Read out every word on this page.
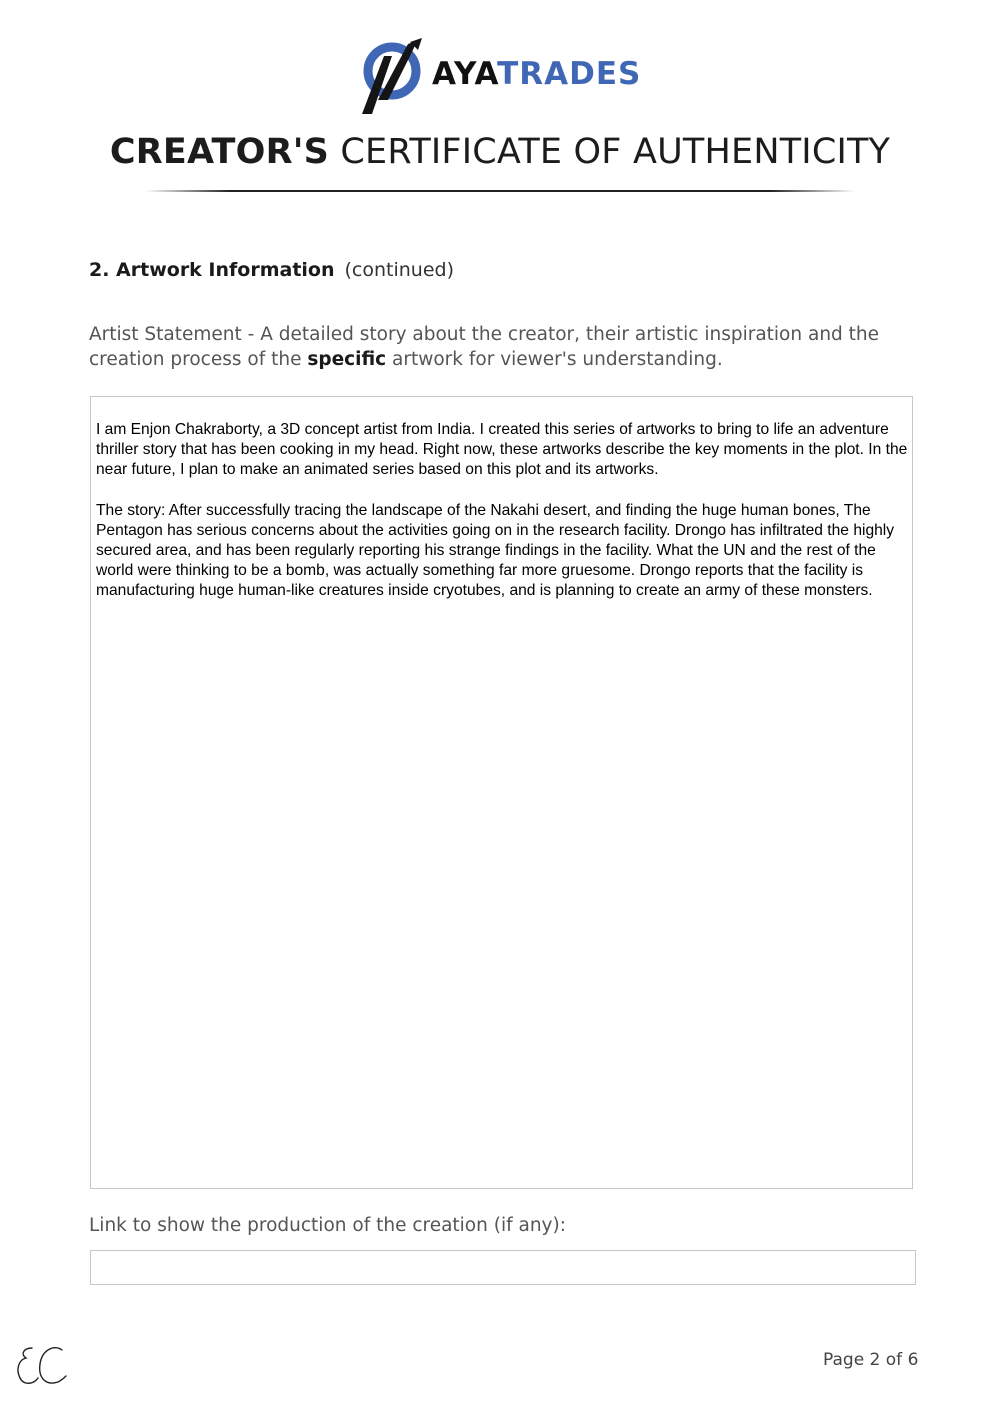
AYATRADES
CREATOR'S CERTIFICATE OF AUTHENTICITY
2. Artwork Information (continued)
Artist Statement - A detailed story about the creator, their artistic inspiration and the creation process of the specific artwork for viewer's understanding.

I am Enjon Chakraborty, a 3D concept artist from India. I created this series of artworks to bring to life an adventure thriller story that has been cooking in my head. Right now, these artworks describe the key moments in the plot. In the near future, I plan to make an animated series based on this plot and its artworks.

The story: After successfully tracing the landscape of the Nakahi desert, and finding the huge human bones, The Pentagon has serious concerns about the activities going on in the research facility. Drongo has infiltrated the highly secured area, and has been regularly reporting his strange findings in the facility. What the UN and the rest of the world were thinking to be a bomb, was actually something far more gruesome. Drongo reports that the facility is manufacturing huge human-like creatures inside cryotubes, and is planning to create an army of these monsters.

Link to show the production of the creation (if any):
Page 2 of 6
